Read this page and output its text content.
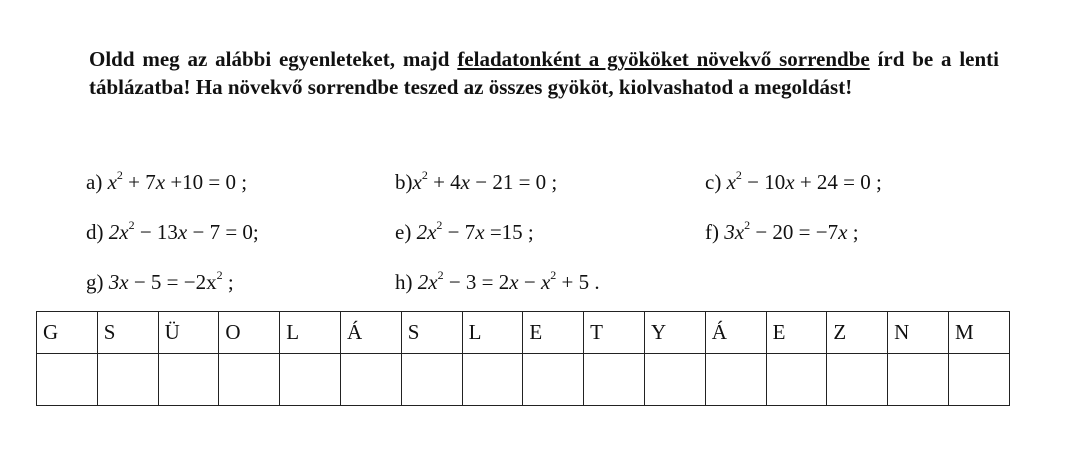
Oldd meg az alábbi egyenleteket, majd feladatonként a gyököket növekvő sorrendbe írd be a lenti táblázatba! Ha növekvő sorrendbe teszed az összes gyököt, kiolvashatod a megoldást!
a) $x^2 + 7x +10 = 0$ ;	$b)x^2 + 4x - 21 = 0$ ;	c) $x^2 - 10x + 24 = 0$ ;
d) $2x^2 - 13x - 7 = 0$;	e) $2x^2 - 7x =15$ ;	f) $3x^2 - 20 = -7x$ ;
g) $3x - 5 = -2x^2$ ;	h) $2x^2 - 3 = 2x - x^2 + 5$ .
G	S	Ü	O	L	Á	S	L	E	T	Y	Á	E	Z	N	M
